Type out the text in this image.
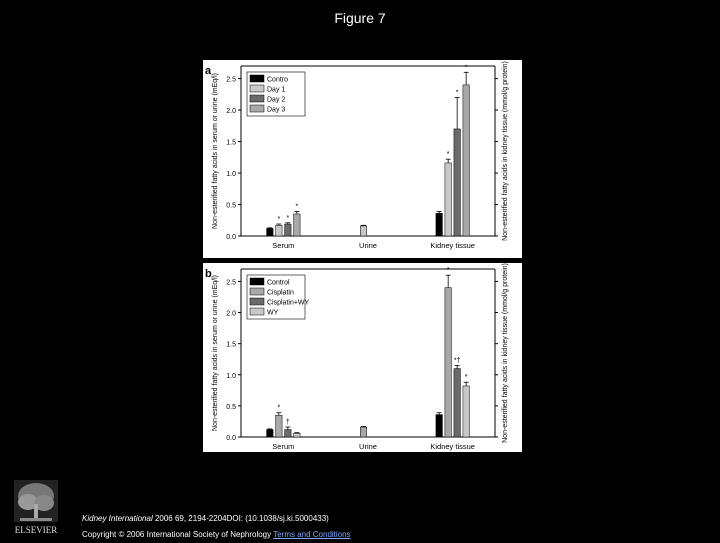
Figure 7
a
0.0
0.5
1.0
1.5
2.0
2.5
Non-esterified fatty acids in serum or urine (mEq/l)	Non-esterified fatty acids in kidney tissue (mmol/g protein)
Serum
* *
*
Urine	Kidney tissue
*
*
*
Contro
Day 1
Day 2
Day 3
b
0.0
0.5
1.0
1.5
2.0
2.5
Non-esterified fatty acids in serum or urine (mEq/l)	Non-esterified fatty acids in kidney tissue (mmol/g protein)
Serum
*
†
Urine	Kidney tissue
*
*†
*
Control
Cisplatin
Cisplatin+WY
WY
ELSEVIER
Kidney International 2006 69, 2194-2204DOI: (10.1038/sj.ki.5000433)
Copyright © 2006 International Society of Nephrology Terms and Conditions
